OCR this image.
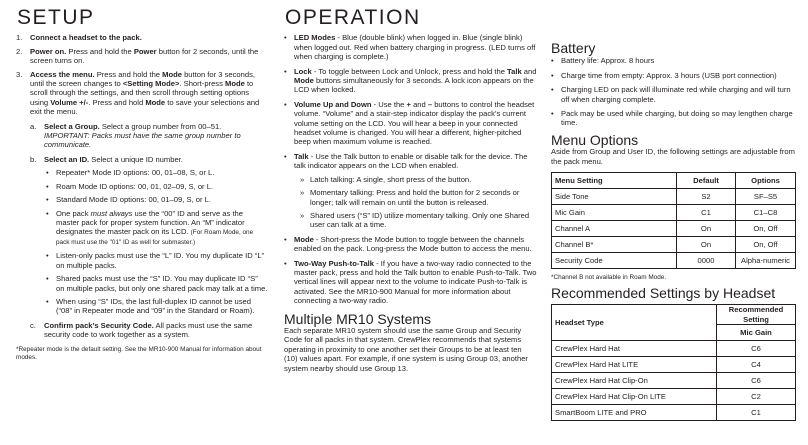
SETUP
1. Connect a headset to the pack.
2. Power on. Press and hold the Power button for 2 seconds, until the screen turns on.
3. Access the menu. Press and hold the Mode button for 3 seconds, until the screen changes to <Setting Mode>. Short-press Mode to scroll through the settings, and then scroll through setting options using Volume +/-. Press and hold Mode to save your selections and exit the menu.
a. Select a Group. Select a group number from 00–51. IMPORTANT: Packs must have the same group number to communicate.
b. Select an ID. Select a unique ID number.
• Repeater* Mode ID options: 00, 01–08, S, or L.
• Roam Mode ID options: 00, 01, 02–09, S, or L.
• Standard Mode ID options: 00, 01–09, S, or L.
• One pack must always use the “00” ID and serve as the master pack for proper system function. An “M” indicator designates the master pack on its LCD. (For Roam Mode, one pack must use the "01" ID as well for submaster.)
• Listen-only packs must use the “L” ID. You my duplicate ID “L” on multiple packs.
• Shared packs must use the “S” ID. You may duplicate ID “S” on multiple packs, but only one shared pack may talk at a time.
• When using “S” IDs, the last full-duplex ID cannot be used (“08” in Repeater mode and “09” in the Standard or Roam).
c. Confirm pack’s Security Code. All packs must use the same security code to work together as a system.
*Repeater mode is the default setting. See the MR10-900 Manual for information about modes.
OPERATION
• LED Modes - Blue (double blink) when logged in. Blue (single blink) when logged out. Red when battery charging in progress. (LED turns off when charging is complete.)
• Lock - To toggle between Lock and Unlock, press and hold the Talk and Mode buttons simultaneously for 3 seconds. A lock icon appears on the LCD when locked.
• Volume Up and Down - Use the + and – buttons to control the headset volume. “Volume” and a stair-step indicator display the pack’s current volume setting on the LCD. You will hear a beep in your connected headset volume is changed. You will hear a different, higher-pitched beep when maximum volume is reached.
• Talk - Use the Talk button to enable or disable talk for the device. The talk indicator appears on the LCD when enabled.
» Latch talking: A single, short press of the button.
» Momentary talking: Press and hold the button for 2 seconds or longer; talk will remain on until the button is released.
» Shared users (“S” ID) utilize momentary talking. Only one Shared user can talk at a time.
• Mode - Short-press the Mode button to toggle between the channels enabled on the pack. Long-press the Mode button to access the menu.
• Two-Way Push-to-Talk - If you have a two-way radio connected to the master pack, press and hold the Talk button to enable Push-to-Talk. Two vertical lines will appear next to the volume to indicate Push-to-Talk is activated. See the MR10-900 Manual for more information about connecting a two-way radio.
Multiple MR10 Systems
Each separate MR10 system should use the same Group and Security Code for all packs in that system. CrewPlex recommends that systems operating in proximity to one another set their Groups to be at least ten (10) values apart. For example, if one system is using Group 03, another system nearby should use Group 13.
Battery
• Battery life: Approx. 8 hours
• Charge time from empty: Approx. 3 hours (USB port connection)
• Charging LED on pack will illuminate red while charging and will turn off when charging complete.
• Pack may be used while charging, but doing so may lengthen charge time.
Menu Options
Aside from Group and User ID, the following settings are adjustable from the pack menu.
Menu Setting	Default	Options
Side Tone	S2	SF–S5
Mic Gain	C1	C1–C8
Channel A	On	On, Off
Channel B*	On	On, Off
Security Code	0000	Alpha-numeric
*Channel B not available in Roam Mode.
Recommended Settings by Headset
Headset Type	Recommended Setting
	Mic Gain
CrewPlex Hard Hat	C6
CrewPlex Hard Hat LITE	C4
CrewPlex Hard Hat Clip-On	C6
CrewPlex Hard Hat Clip-On LITE	C2
SmartBoom LITE and PRO	C1
